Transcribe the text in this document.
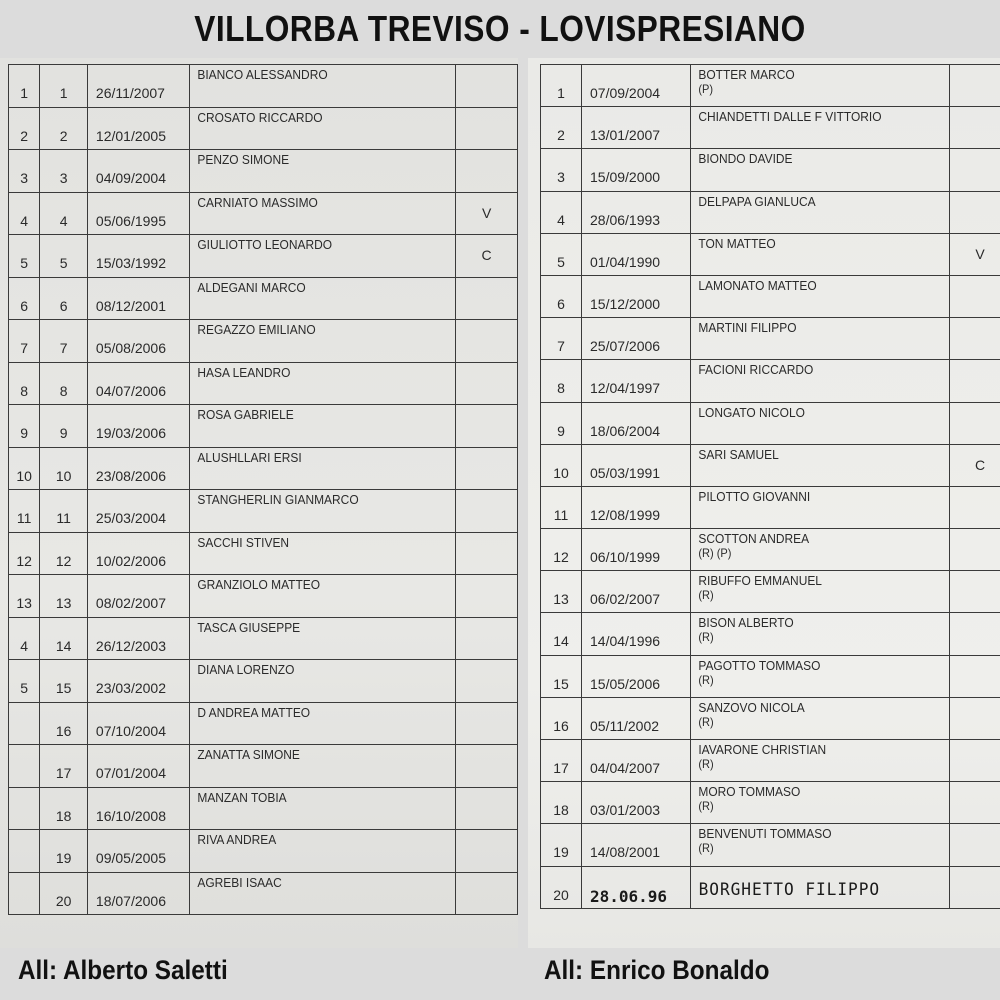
VILLORBA TREVISO - LOVISPRESIANO
1	1	26/11/2007	BIANCO ALESSANDRO	

2	2	12/01/2005	CROSATO RICCARDO	

3	3	04/09/2004	PENZO SIMONE	

4	4	05/06/1995	CARNIATO MASSIMO	V

5	5	15/03/1992	GIULIOTTO LEONARDO	C

6	6	08/12/2001	ALDEGANI MARCO	

7	7	05/08/2006	REGAZZO EMILIANO	

8	8	04/07/2006	HASA LEANDRO	

9	9	19/03/2006	ROSA GABRIELE	

10	10	23/08/2006	ALUSHLLARI ERSI	

11	11	25/03/2004	STANGHERLIN GIANMARCO	

12	12	10/02/2006	SACCHI STIVEN	

13	13	08/02/2007	GRANZIOLO MATTEO	

4	14	26/12/2003	TASCA GIUSEPPE	

5	15	23/03/2002	DIANA LORENZO	

	16	07/10/2004	D ANDREA MATTEO	

	17	07/01/2004	ZANATTA SIMONE	

	18	16/10/2008	MANZAN TOBIA	

	19	09/05/2005	RIVA ANDREA	

	20	18/07/2006	AGREBI ISAAC	

1	07/09/2004	BOTTER MARCO
(P)	

2	13/01/2007	CHIANDETTI DALLE F VITTORIO	

3	15/09/2000	BIONDO DAVIDE	

4	28/06/1993	DELPAPA GIANLUCA	

5	01/04/1990	TON MATTEO	V

6	15/12/2000	LAMONATO MATTEO	

7	25/07/2006	MARTINI FILIPPO	

8	12/04/1997	FACIONI RICCARDO	

9	18/06/2004	LONGATO NICOLO	

10	05/03/1991	SARI SAMUEL	C

11	12/08/1999	PILOTTO GIOVANNI	

12	06/10/1999	SCOTTON ANDREA
(R) (P)	

13	06/02/2007	RIBUFFO EMMANUEL
(R)	

14	14/04/1996	BISON ALBERTO
(R)	

15	15/05/2006	PAGOTTO TOMMASO
(R)	

16	05/11/2002	SANZOVO NICOLA
(R)	

17	04/04/2007	IAVARONE CHRISTIAN
(R)	

18	03/01/2003	MORO TOMMASO
(R)	

19	14/08/2001	BENVENUTI TOMMASO
(R)	

20	28.06.96	BORGHETTO FILIPPO	

All: Alberto Saletti	All: Enrico Bonaldo
